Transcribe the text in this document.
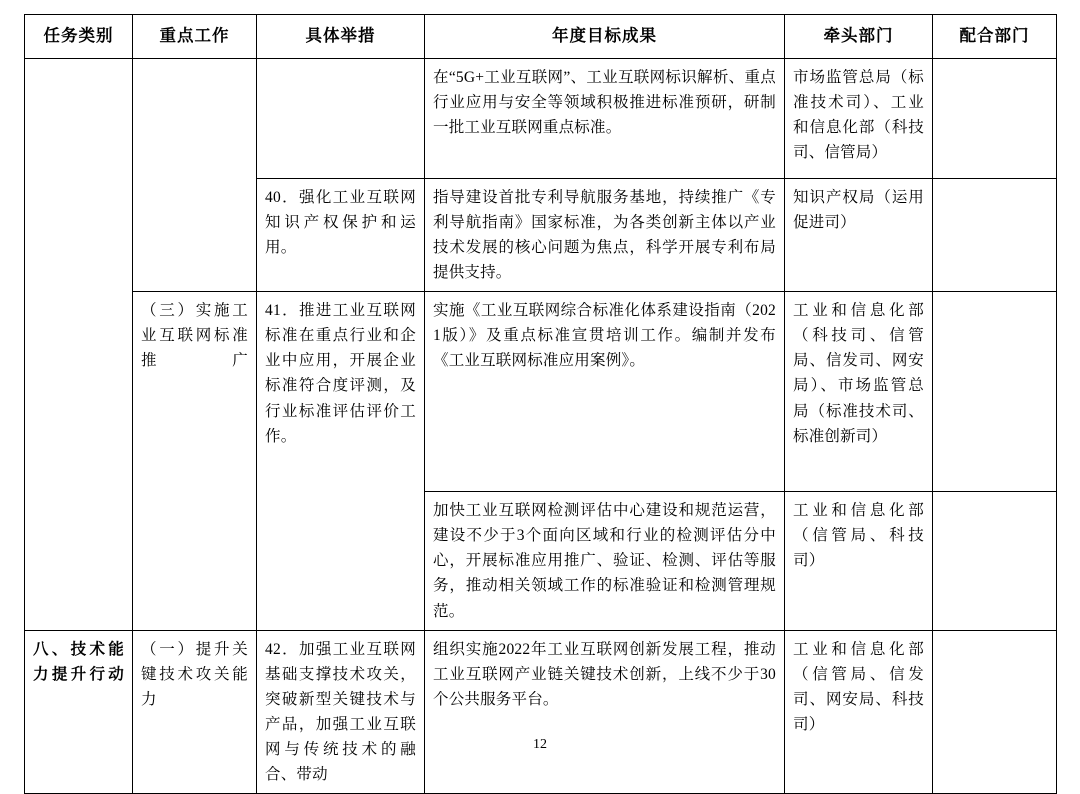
任务类别	重点工作	具体举措	年度目标成果	牵头部门	配合部门
			在“5G+工业互联网”、工业互联网标识解析、重点行业应用与安全等领域积极推进标准预研，研制一批工业互联网重点标准。	市场监管总局（标准技术司）、工业和信息化部（科技司、信管局）	
		40．强化工业互联网知识产权保护和运用。	指导建设首批专利导航服务基地，持续推广《专利导航指南》国家标准，为各类创新主体以产业技术发展的核心问题为焦点，科学开展专利布局提供支持。	知识产权局（运用促进司）	
	（三）实施工业互联网标准推广	41．推进工业互联网标准在重点行业和企业中应用，开展企业标准符合度评测，及行业标准评估评价工作。	实施《工业互联网综合标准化体系建设指南（2021版）》及重点标准宣贯培训工作。编制并发布《工业互联网标准应用案例》。	工业和信息化部（科技司、信管局、信发司、网安局）、市场监管总局（标准技术司、标准创新司）	
			加快工业互联网检测评估中心建设和规范运营，建设不少于3个面向区域和行业的检测评估分中心，开展标准应用推广、验证、检测、评估等服务，推动相关领域工作的标准验证和检测管理规范。	工业和信息化部（信管局、科技司）	
八、技术能力提升行动	（一）提升关键技术攻关能力	42．加强工业互联网基础支撑技术攻关，突破新型关键技术与产品，加强工业互联网与传统技术的融合、带动	组织实施2022年工业互联网创新发展工程，推动工业互联网产业链关键技术创新，上线不少于30个公共服务平台。	工业和信息化部（信管局、信发司、网安局、科技司）	
12
